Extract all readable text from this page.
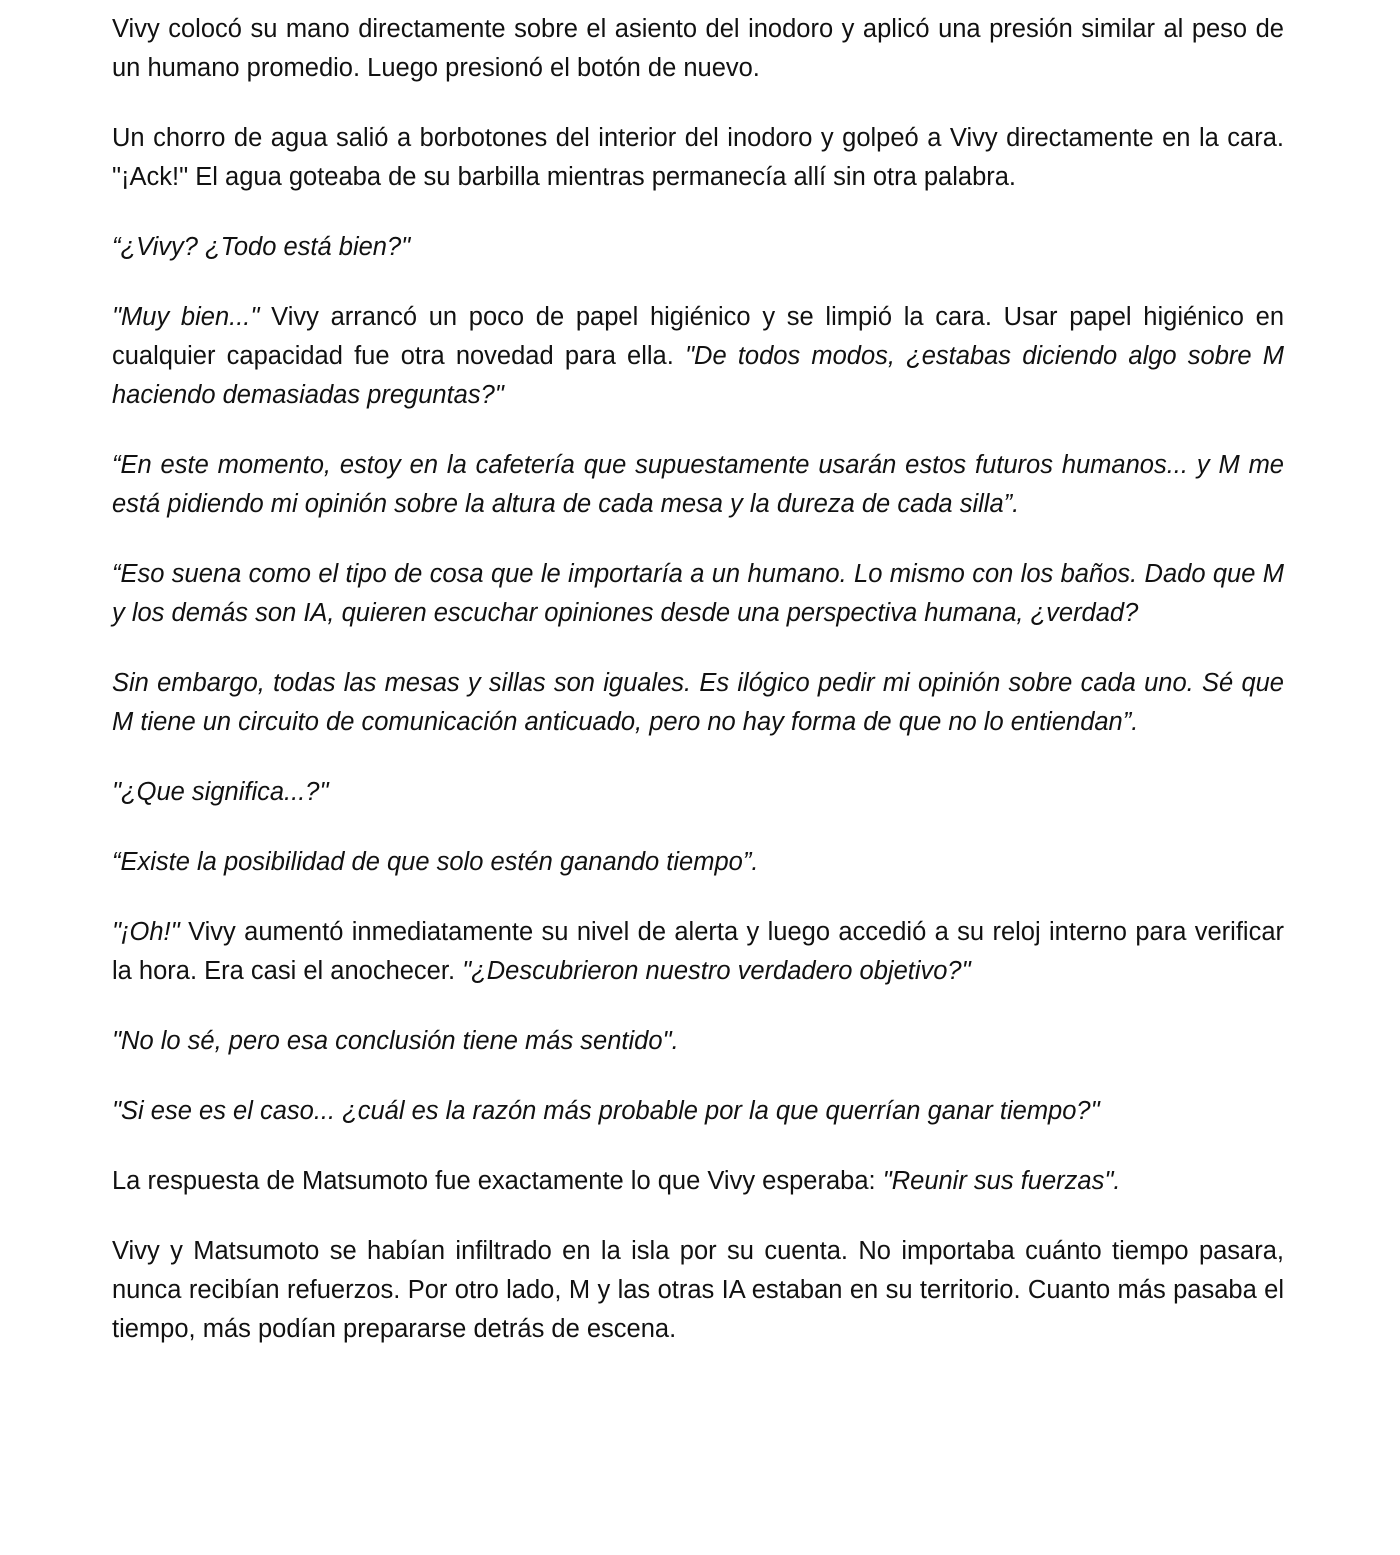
Vivy colocó su mano directamente sobre el asiento del inodoro y aplicó una presión similar al peso de un humano promedio. Luego presionó el botón de nuevo.

Un chorro de agua salió a borbotones del interior del inodoro y golpeó a Vivy directamente en la cara. "¡Ack!" El agua goteaba de su barbilla mientras permanecía allí sin otra palabra.

“¿Vivy? ¿Todo está bien?"

"Muy bien..." Vivy arrancó un poco de papel higiénico y se limpió la cara. Usar papel higiénico en cualquier capacidad fue otra novedad para ella. "De todos modos, ¿estabas diciendo algo sobre M haciendo demasiadas preguntas?"

“En este momento, estoy en la cafetería que supuestamente usarán estos futuros humanos... y M me está pidiendo mi opinión sobre la altura de cada mesa y la dureza de cada silla”.

“Eso suena como el tipo de cosa que le importaría a un humano. Lo mismo con los baños. Dado que M y los demás son IA, quieren escuchar opiniones desde una perspectiva humana, ¿verdad?

Sin embargo, todas las mesas y sillas son iguales. Es ilógico pedir mi opinión sobre cada uno. Sé que M tiene un circuito de comunicación anticuado, pero no hay forma de que no lo entiendan”.

"¿Que significa...?"

“Existe la posibilidad de que solo estén ganando tiempo”.

"¡Oh!" Vivy aumentó inmediatamente su nivel de alerta y luego accedió a su reloj interno para verificar la hora. Era casi el anochecer. "¿Descubrieron nuestro verdadero objetivo?"

"No lo sé, pero esa conclusión tiene más sentido".

"Si ese es el caso... ¿cuál es la razón más probable por la que querrían ganar tiempo?"

La respuesta de Matsumoto fue exactamente lo que Vivy esperaba: "Reunir sus fuerzas".

Vivy y Matsumoto se habían infiltrado en la isla por su cuenta. No importaba cuánto tiempo pasara, nunca recibían refuerzos. Por otro lado, M y las otras IA estaban en su territorio. Cuanto más pasaba el tiempo, más podían prepararse detrás de escena.
